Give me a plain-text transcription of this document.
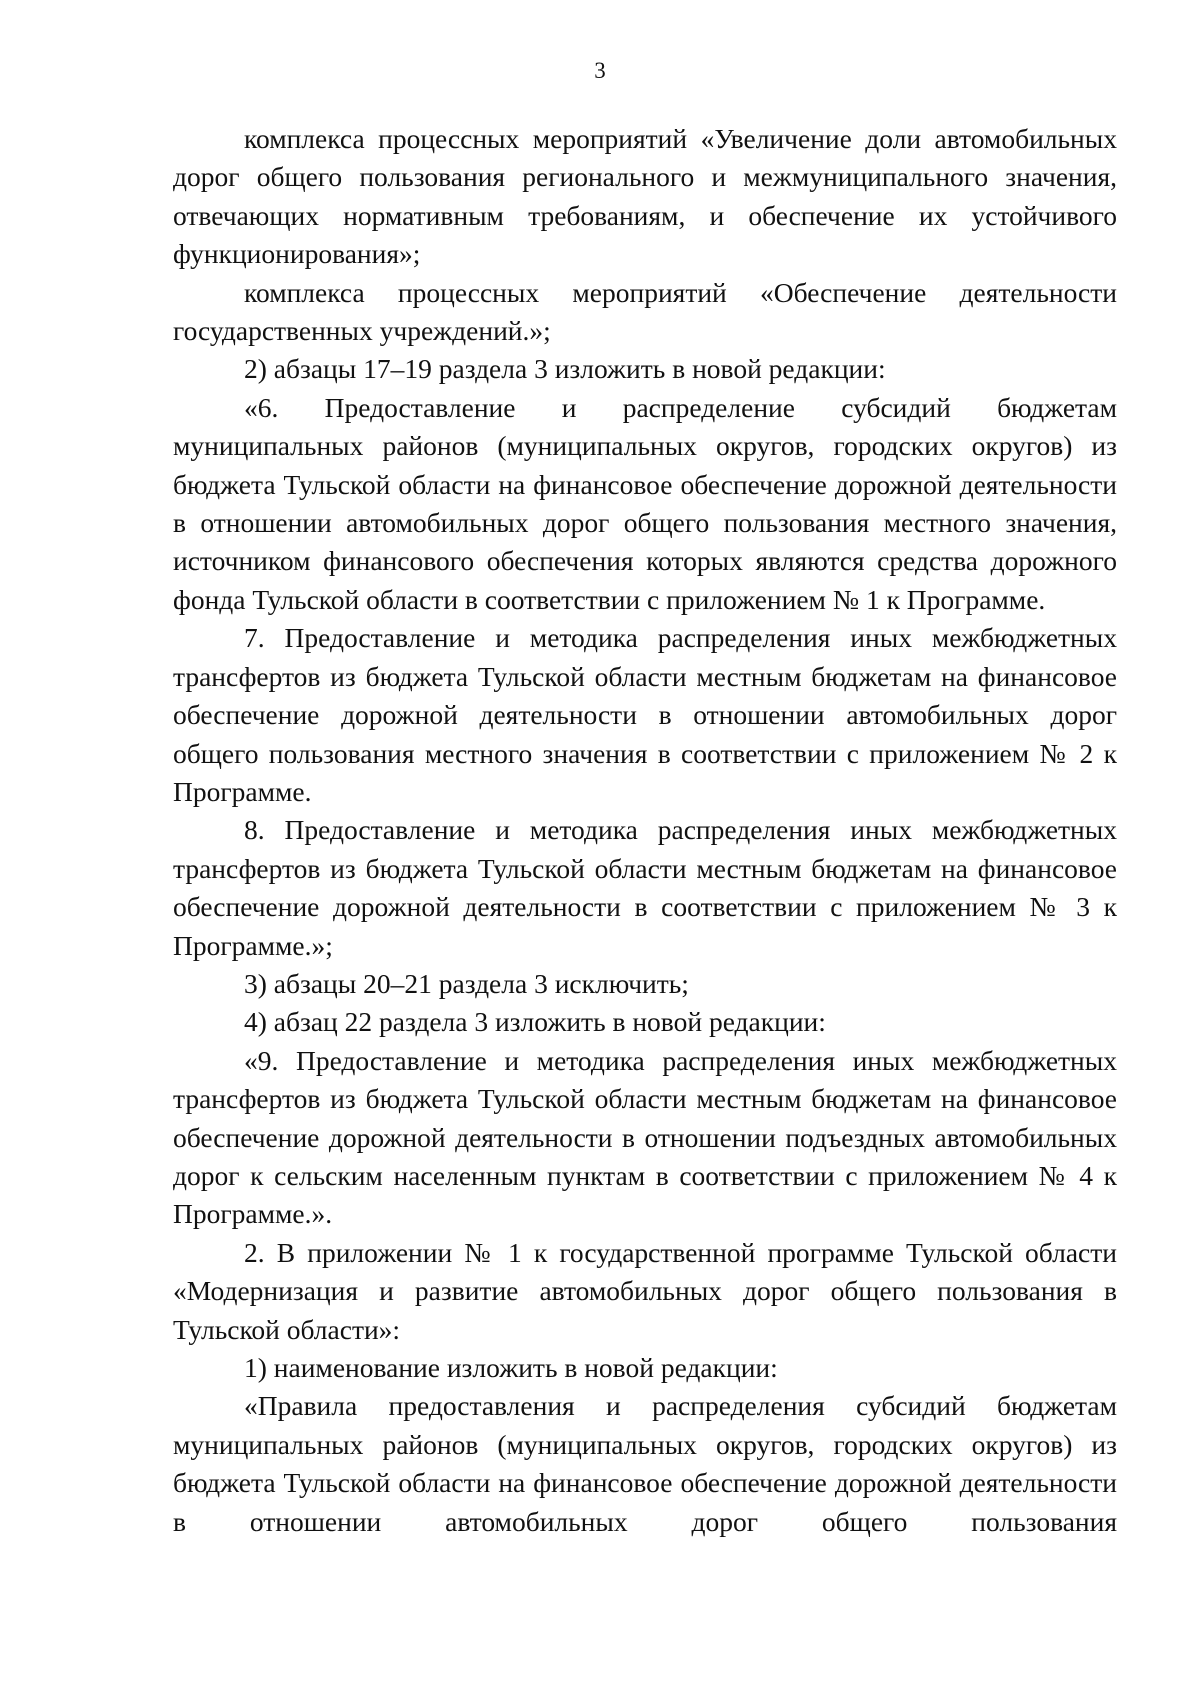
3

комплекса процессных мероприятий «Увеличение доли автомобильных дорог общего пользования регионального и межмуниципального значения, отвечающих нормативным требованиям, и обеспечение их устойчивого функционирования»;

комплекса процессных мероприятий «Обеспечение деятельности государственных учреждений.»;

2) абзацы 17–19 раздела 3 изложить в новой редакции:

«6. Предоставление и распределение субсидий бюджетам муниципальных районов (муниципальных округов, городских округов) из бюджета Тульской области на финансовое обеспечение дорожной деятельности в отношении автомобильных дорог общего пользования местного значения, источником финансового обеспечения которых являются средства дорожного фонда Тульской области в соответствии с приложением № 1 к Программе.

7. Предоставление и методика распределения иных межбюджетных трансфертов из бюджета Тульской области местным бюджетам на финансовое обеспечение дорожной деятельности в отношении автомобильных дорог общего пользования местного значения в соответствии с приложением № 2 к Программе.

8. Предоставление и методика распределения иных межбюджетных трансфертов из бюджета Тульской области местным бюджетам на финансовое обеспечение дорожной деятельности в соответствии с приложением № 3 к Программе.»;

3) абзацы 20–21 раздела 3 исключить;

4) абзац 22 раздела 3 изложить в новой редакции:

«9. Предоставление и методика распределения иных межбюджетных трансфертов из бюджета Тульской области местным бюджетам на финансовое обеспечение дорожной деятельности в отношении подъездных автомобильных дорог к сельским населенным пунктам в соответствии с приложением № 4 к Программе.».

2. В приложении № 1 к государственной программе Тульской области «Модернизация и развитие автомобильных дорог общего пользования в Тульской области»:

1) наименование изложить в новой редакции:

«Правила предоставления и распределения субсидий бюджетам муниципальных районов (муниципальных округов, городских округов) из бюджета Тульской области на финансовое обеспечение дорожной деятельности в отношении автомобильных дорог общего пользования
